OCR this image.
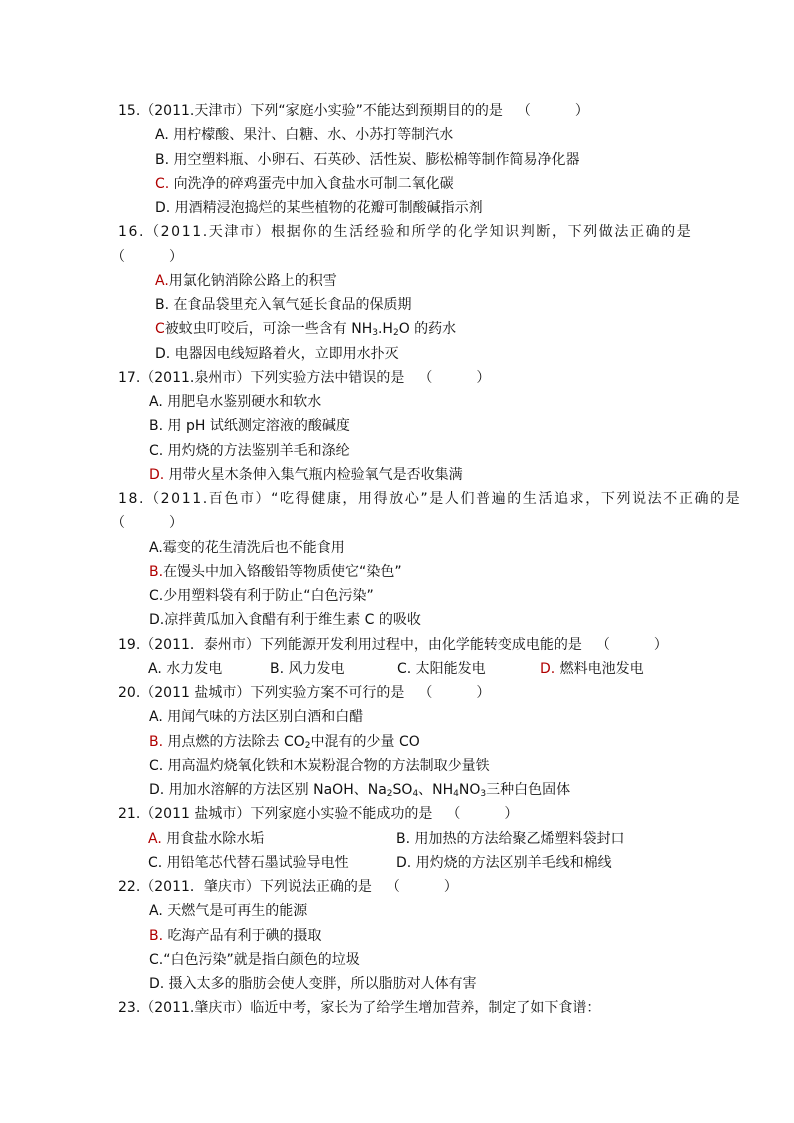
15.（2011.天津市）下列“家庭小实验”不能达到预期目的的是 （	）
A. 用柠檬酸、果汁、白糖、水、小苏打等制汽水
B. 用空塑料瓶、小卵石、石英砂、活性炭、膨松棉等制作简易净化器
C. 向洗净的碎鸡蛋壳中加入食盐水可制二氧化碳
D. 用酒精浸泡捣烂的某些植物的花瓣可制酸碱指示剂
16.（2011.天津市）根据你的生活经验和所学的化学知识判断，下列做法正确的是
（	）
A.用氯化钠消除公路上的积雪
B. 在食品袋里充入氧气延长食品的保质期
C被蚊虫叮咬后，可涂一些含有 $NH_3.H_2O$ 的药水
D. 电器因电线短路着火，立即用水扑灭
17.（2011.泉州市）下列实验方法中错误的是 （	）
A. 用肥皂水鉴别硬水和软水
B. 用 pH 试纸测定溶液的酸碱度
C. 用灼烧的方法鉴别羊毛和涤纶
D. 用带火星木条伸入集气瓶内检验氧气是否收集满
18.（2011.百色市）“吃得健康，用得放心”是人们普遍的生活追求，下列说法不正确的是
（	）
A.霉变的花生清洗后也不能食用
B.在馒头中加入铬酸铅等物质使它“染色”
C.少用塑料袋有利于防止“白色污染”
D.凉拌黄瓜加入食醋有利于维生素 C 的吸收
19.（2011．泰州市）下列能源开发利用过程中，由化学能转变成电能的是 （	）
A. 水力发电	B. 风力发电	C. 太阳能发电	D. 燃料电池发电
20.（2011 盐城市）下列实验方案不可行的是 （	）
A. 用闻气味的方法区别白酒和白醋
B. 用点燃的方法除去 $CO_2$中混有的少量 CO
C. 用高温灼烧氧化铁和木炭粉混合物的方法制取少量铁
D. 用加水溶解的方法区别 NaOH、$Na_2SO_4$、$NH_4NO_3$三种白色固体
21.（2011 盐城市）下列家庭小实验不能成功的是 （	）
A. 用食盐水除水垢	B. 用加热的方法给聚乙烯塑料袋封口
C. 用铅笔芯代替石墨试验导电性	D. 用灼烧的方法区别羊毛线和棉线
22.（2011．肇庆市）下列说法正确的是 （	）
A. 天燃气是可再生的能源
B. 吃海产品有利于碘的摄取
C.“白色污染”就是指白颜色的垃圾
D. 摄入太多的脂肪会使人变胖，所以脂肪对人体有害
23.（2011.肇庆市）临近中考，家长为了给学生增加营养，制定了如下食谱：
